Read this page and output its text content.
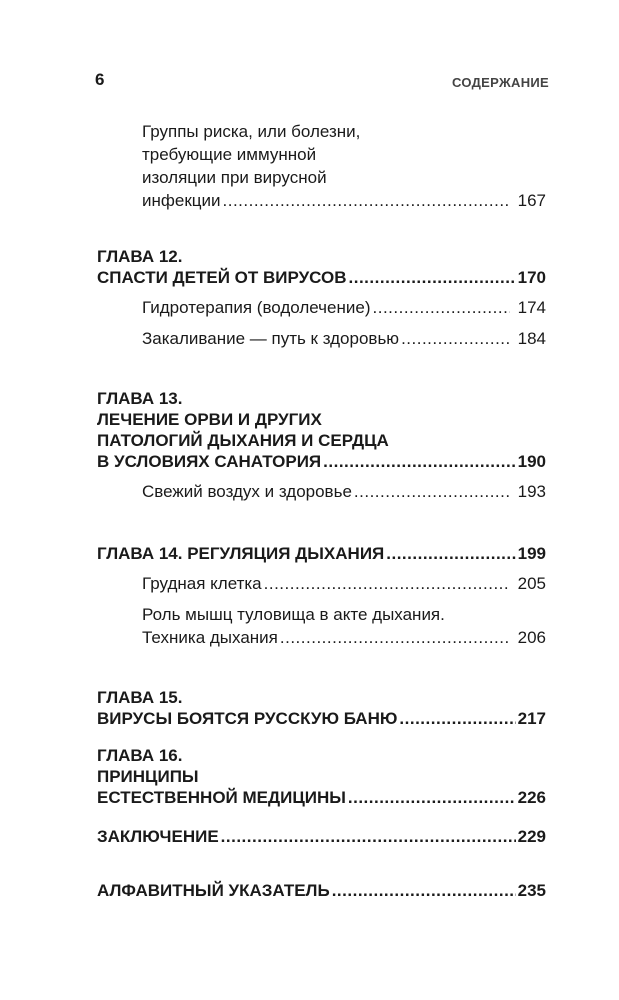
6	СОДЕРЖАНИЕ
Группы риска, или болезни,
требующие иммунной
изоляции при вирусной
инфекции .....	167
ГЛАВА 12.
СПАСТИ ДЕТЕЙ ОТ ВИРУСОВ .....	170
Гидротерапия (водолечение) .....	174
Закаливание — путь к здоровью .....	184
ГЛАВА 13.
ЛЕЧЕНИЕ ОРВИ И ДРУГИХ
ПАТОЛОГИЙ ДЫХАНИЯ И СЕРДЦА
В УСЛОВИЯХ САНАТОРИЯ .....	190
Свежий воздух и здоровье .....	193
ГЛАВА 14. РЕГУЛЯЦИЯ ДЫХАНИЯ .....	199
Грудная клетка .....	205
Роль мышц туловища в акте дыхания.
Техника дыхания .....	206
ГЛАВА 15.
ВИРУСЫ БОЯТСЯ РУССКУЮ БАНЮ .....	217
ГЛАВА 16.
ПРИНЦИПЫ
ЕСТЕСТВЕННОЙ МЕДИЦИНЫ .....	226
ЗАКЛЮЧЕНИЕ .....	229
АЛФАВИТНЫЙ УКАЗАТЕЛЬ .....	235
